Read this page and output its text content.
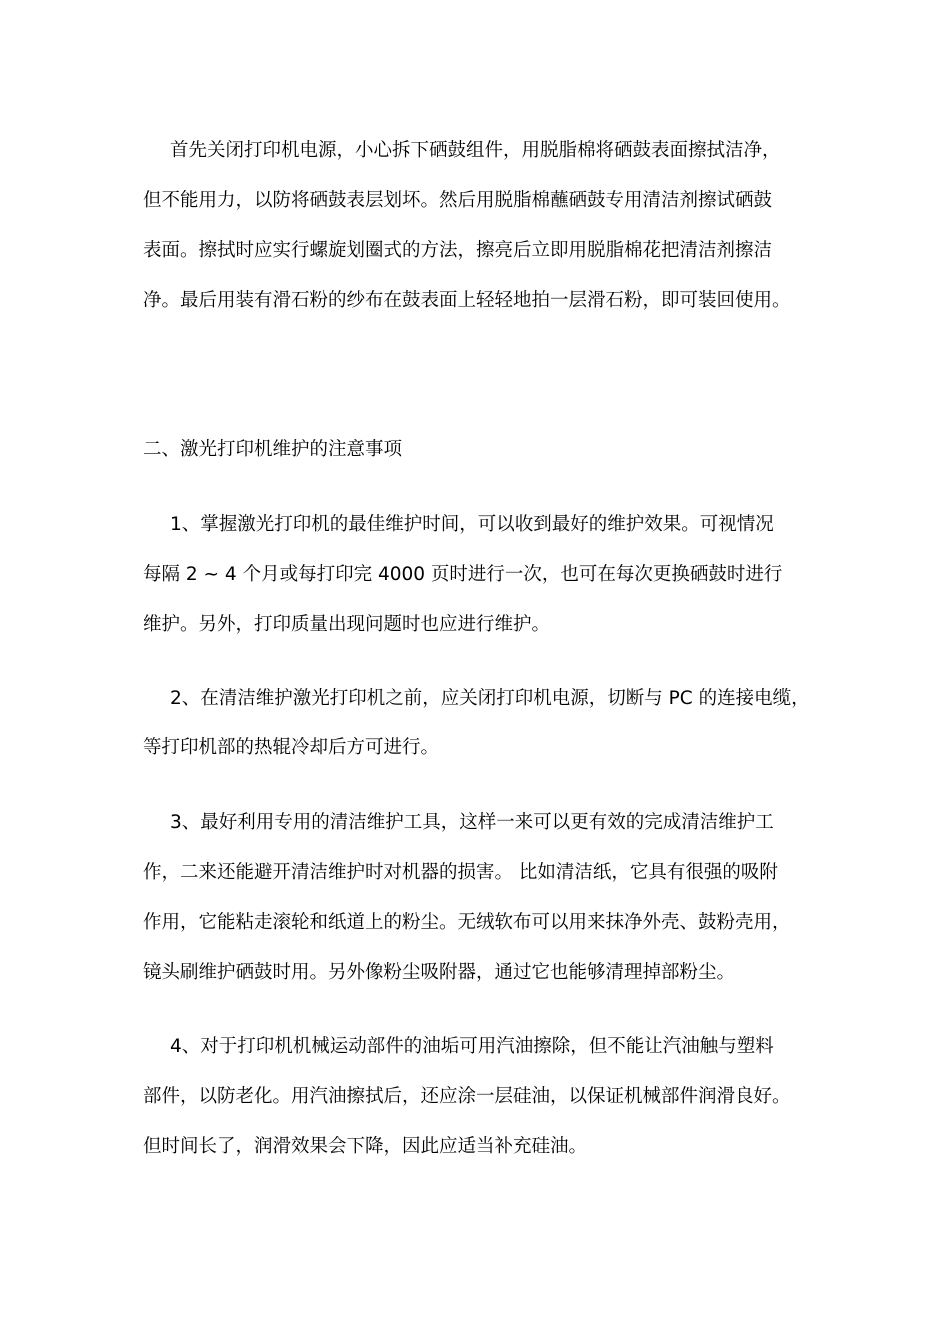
首先关闭打印机电源，小心拆下硒鼓组件，用脱脂棉将硒鼓表面擦拭洁净，
但不能用力，以防将硒鼓表层划坏。然后用脱脂棉蘸硒鼓专用清洁剂擦试硒鼓
表面。擦拭时应实行螺旋划圈式的方法，擦亮后立即用脱脂棉花把清洁剂擦洁
净。最后用装有滑石粉的纱布在鼓表面上轻轻地拍一层滑石粉，即可装回使用。
二、激光打印机维护的注意事项
1、掌握激光打印机的最佳维护时间，可以收到最好的维护效果。可视情况
每隔 2 ~ 4 个月或每打印完 4000 页时进行一次，也可在每次更换硒鼓时进行
维护。另外，打印质量出现问题时也应进行维护。
2、在清洁维护激光打印机之前，应关闭打印机电源，切断与 PC 的连接电缆，
等打印机部的热辊冷却后方可进行。
3、最好利用专用的清洁维护工具，这样一来可以更有效的完成清洁维护工
作，二来还能避开清洁维护时对机器的损害。 比如清洁纸，它具有很强的吸附
作用，它能粘走滚轮和纸道上的粉尘。无绒软布可以用来抹净外壳、鼓粉壳用，
镜头刷维护硒鼓时用。另外像粉尘吸附器，通过它也能够清理掉部粉尘。
4、对于打印机机械运动部件的油垢可用汽油擦除，但不能让汽油触与塑料
部件，以防老化。用汽油擦拭后，还应涂一层硅油，以保证机械部件润滑良好。
但时间长了，润滑效果会下降，因此应适当补充硅油。
